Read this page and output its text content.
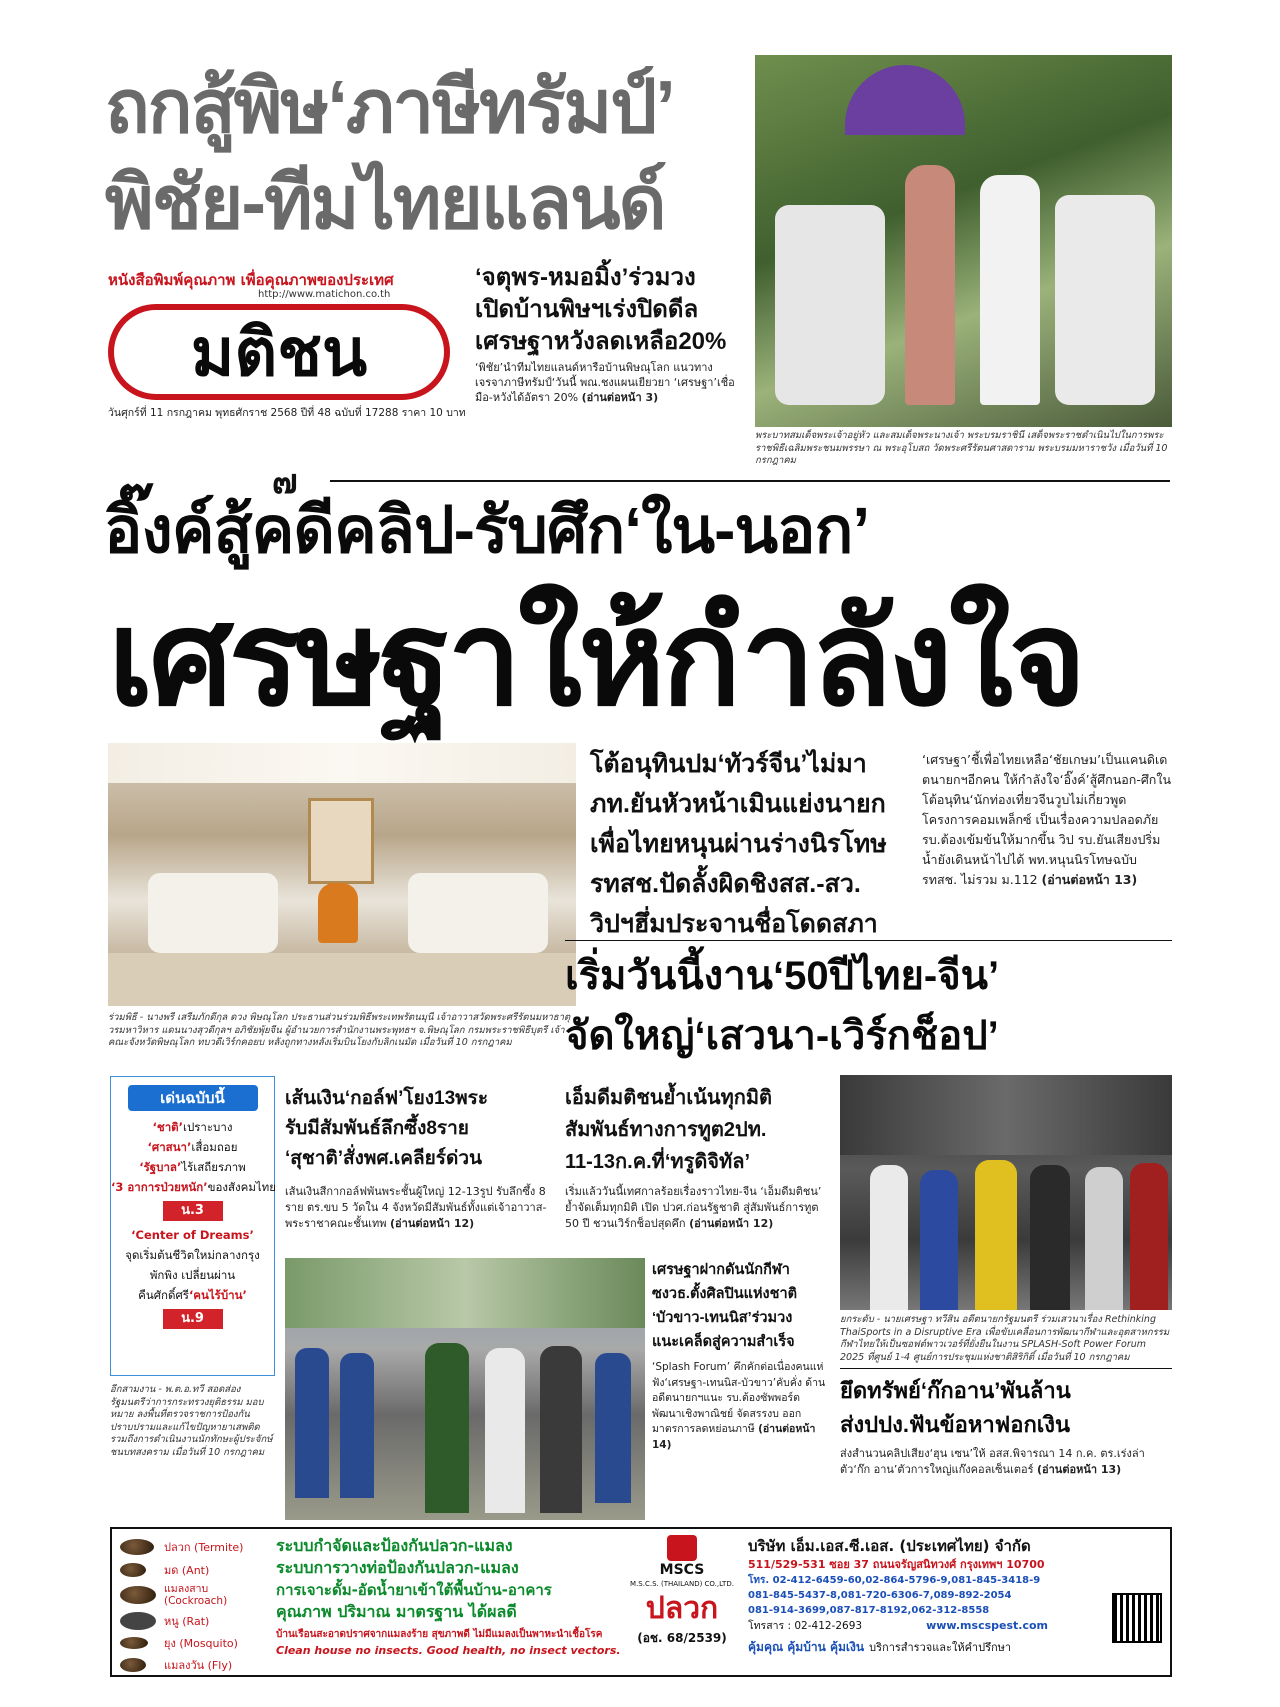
ถกสู้พิษ‘ภาษีทรัมป์’
พิชัย-ทีมไทยแลนด์
หนังสือพิมพ์คุณภาพ เพื่อคุณภาพของประเทศ
http://www.matichon.co.th
มติชน
วันศุกร์ที่ 11 กรกฎาคม พุทธศักราช 2568 ปีที่ 48 ฉบับที่ 17288 ราคา 10 บาท
‘จตุพร-หมอมิ้ง’ร่วมวง เปิดบ้านพิษฯเร่งปิดดีล เศรษฐาหวังลดเหลือ20%
‘พิชัย’นำทีมไทยแลนด์หารือบ้านพิษณุโลก แนวทางเจรจาภาษีทรัมป์‘วันนี้ พณ.ชงแผนเยียวยา ‘เศรษฐา’เชื่อมือ-หวังได้อัตรา 20% (อ่านต่อหน้า 3)
พระบาทสมเด็จพระเจ้าอยู่หัว และสมเด็จพระนางเจ้า พระบรมราชินี เสด็จพระราชดำเนินไปในการพระราชพิธีเฉลิมพระชนมพรรษา ณ พระอุโบสถ วัดพระศรีรัตนศาสดาราม พระบรมมหาราชวัง เมื่อวันที่ 10 กรกฎาคม
๗
อิ๊งค์สู้คดีคลิป-รับศึก‘ใน-นอก’
เศรษฐาให้กำลังใจ
ร่วมพิธี - นางพรี เสรีมภักดีกุล ดวง พิษณุโลก ประธานส่วนร่วมพิธีพระเทพรัตนมุนี เจ้าอาวาสวัดพระศรีรัตนมหาธาตุวรมหาวิหาร แดนนางสุวดีกุลฯ อภิชัยพุ้ยจีน ผู้อำนวยการสำนักงานพระพุทธฯ จ.พิษณุโลก กรมพระราชพิธีบุตรี เจ้าคณะจังหวัดพิษณุโลก ทบวดีเวิร์กคอยบ หลังถูกทางหลังเริ่มบินโยงกับลิกเนมัด เมื่อวันที่ 10 กรกฎาคม
โต้อนุทินปม‘ทัวร์จีน’ไม่มา
ภท.ยันหัวหน้าเมินแย่งนายก
เพื่อไทยหนุนผ่านร่างนิรโทษ
รทสช.ปัดลั้งผิดชิงสส.-สว.
วิปฯฮึ่มประจานชื่อโดดสภา
‘เศรษฐา’ชี้เพื่อไทยเหลือ‘ชัยเกษม’เป็นแคนดิเดตนายกฯอีกคน ให้กำลังใจ‘อิ๊งค์’สู้ศึกนอก-ศึกใน โต้อนุทิน‘นักท่องเที่ยวจีนวูบไม่เกี่ยวพูดโครงการคอมเพล็กซ์ เป็นเรื่องความปลอดภัย รบ.ต้องเข้มข้นให้มากขึ้น วิป รบ.ยันเสียงปริ่มน้ำยังเดินหน้าไปได้ พท.หนุนนิรโทษฉบับ รทสช. ไม่รวม ม.112 (อ่านต่อหน้า 13)
เริ่มวันนี้งาน‘50ปีไทย-จีน’
จัดใหญ่‘เสวนา-เวิร์กช็อป’
เอ็มดีมติชนย้ำเน้นทุกมิติ
สัมพันธ์ทางการทูต2ปท.
11-13ก.ค.ที่‘ทรูดิจิทัล’
เริ่มแล้ววันนี้เทศกาลร้อยเรื่องราวไทย-จีน ‘เอ็มดีมติชน’ ย้ำจัดเต็มทุกมิติ เปิด ปวศ.ก่อนรัฐชาติ สู่สัมพันธ์การทูต 50 ปี ชวนเวิร์กช็อปสุดคึก (อ่านต่อหน้า 12)
ยกระดับ - นายเศรษฐา ทวีสิน อดีตนายกรัฐมนตรี ร่วมเสวนาเรื่อง Rethinking ThaiSports in a Disruptive Era เพื่อขับเคลื่อนการพัฒนากีฬาและอุตสาหกรรมกีฬาไทยให้เป็นซอฟต์พาวเวอร์ที่ยั่งยืนในงาน SPLASH-Soft Power Forum 2025 ที่ศูนย์ 1-4 ศูนย์การประชุมแห่งชาติสิริกิติ์ เมื่อวันที่ 10 กรกฎาคม
เด่นฉบับนี้
‘ชาติ’เปราะบาง
‘ศาสนา’เสื่อมถอย
‘รัฐบาล’ไร้เสถียรภาพ
‘3 อาการป่วยหนัก’ของสังคมไทย
น.3
‘Center of Dreams’
จุดเริ่มต้นชีวิตใหม่กลางกรุง
พักพิง เปลี่ยนผ่าน
คืนศักดิ์ศรี‘คนไร้บ้าน’
น.9
อีกสามงาน - พ.ต.อ.ทวี สอดส่อง รัฐมนตรีว่าการกระทรวงยุติธรรม มอบหมาย ลงพื้นที่ตรวจราชการป้องกัน ปราบปรามและแก้ไขปัญหายาเสพติดรวมถึงการดำเนินงานนักทักษะผู้ประจักษ์ชนบทสงคราม เมื่อวันที่ 10 กรกฎาคม
เส้นเงิน‘กอล์ฟ’โยง13พระ
รับมีสัมพันธ์ลึกซึ้ง8ราย
‘สุชาติ’สั่งพศ.เคลียร์ด่วน
เส้นเงินสีกากอล์ฟพันพระชั้นผู้ใหญ่ 12-13รูป รับลึกซึ้ง 8 ราย ตร.ขบ 5 วัดใน 4 จังหวัดมีสัมพันธ์ทั้งแต่เจ้าอาวาส-พระราชาคณะชั้นเทพ (อ่านต่อหน้า 12)
เศรษฐาฝากดันนักกีฬา
ซงวธ.ตั้งศิลปินแห่งชาติ
‘บัวขาว-เทนนิส’ร่วมวง
แนะเคล็ดสู่ความสำเร็จ
‘Splash Forum’ คึกคักต่อเนื่องคนแห่ฟัง‘เศรษฐา-เทนนิส-บัวขาว’คับคั่ง ด้านอดีตนายกฯแนะ รบ.ต้องซัพพอร์ต พัฒนาเชิงพาณิชย์ จัดสรรงบ ออกมาตรการลดหย่อนภาษี (อ่านต่อหน้า 14)
ยึดทรัพย์‘ก๊กอาน’พันล้าน
ส่งปปง.ฟันข้อหาฟอกเงิน
ส่งสำนวนคลิปเสียง‘ฮุน เซน’ให้ อสส.พิจารณา 14 ก.ค. ตร.เร่งล่าตัว‘ก๊ก อาน’ตัวการใหญ่แก๊งคอลเซ็นเตอร์ (อ่านต่อหน้า 13)
ปลวก (Termite)
มด (Ant)
แมลงสาบ (Cockroach)
หนู (Rat)
ยุง (Mosquito)
แมลงวัน (Fly)
ระบบกำจัดและป้องกันปลวก-แมลง
ระบบการวางท่อป้องกันปลวก-แมลง
การเจาะดั้ม-อัดน้ำยาเข้าใต้พื้นบ้าน-อาคาร
คุณภาพ ปริมาณ มาตรฐาน ได้ผลดี
บ้านเรือนสะอาดปราศจากแมลงร้าย สุขภาพดี ไม่มีแมลงเป็นพาหะนำเชื้อโรค
Clean house no insects. Good health, no insect vectors.
MSCS
M.S.C.S. (THAILAND) CO.,LTD.
ปลวก
(อช. 68/2539)
บริษัท เอ็ม.เอส.ซี.เอส. (ประเทศไทย) จำกัด
511/529-531 ซอย 37 ถนนจรัญสนิทวงศ์ กรุงเทพฯ 10700
โทร. 02-412-6459-60,02-864-5796-9,081-845-3418-9
081-845-5437-8,081-720-6306-7,089-892-2054
081-914-3699,087-817-8192,062-312-8558
โทรสาร : 02-412-2693	www.mscspest.com
คุ้มคุณ คุ้มบ้าน คุ้มเงิน บริการสำรวจและให้คำปรึกษา
